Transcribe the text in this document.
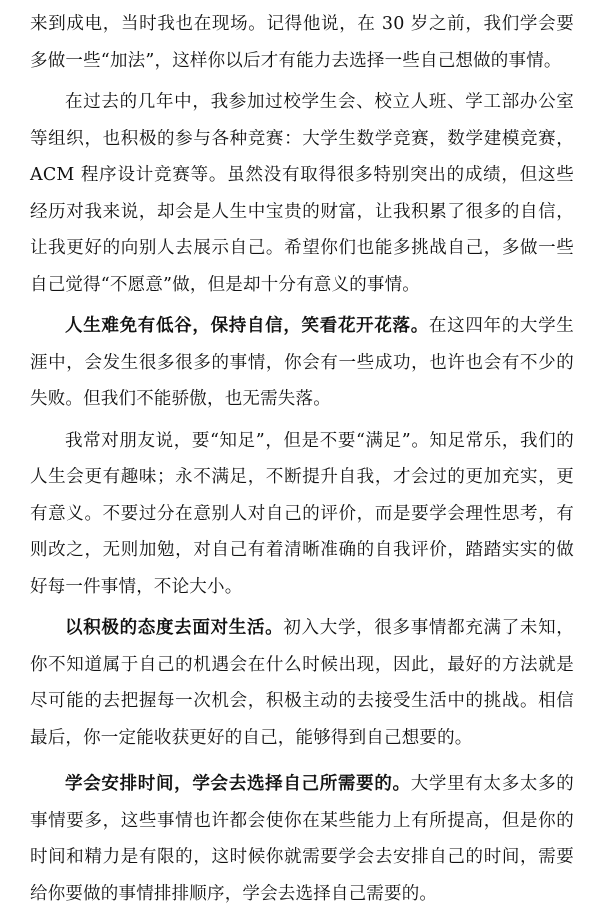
来到成电，当时我也在现场。记得他说，在 30 岁之前，我们学会要多做一些“加法”，这样你以后才有能力去选择一些自己想做的事情。

在过去的几年中，我参加过校学生会、校立人班、学工部办公室等组织，也积极的参与各种竞赛：大学生数学竞赛，数学建模竞赛，ACM 程序设计竞赛等。虽然没有取得很多特别突出的成绩，但这些经历对我来说，却会是人生中宝贵的财富，让我积累了很多的自信，让我更好的向别人去展示自己。希望你们也能多挑战自己，多做一些自己觉得“不愿意”做，但是却十分有意义的事情。

人生难免有低谷，保持自信，笑看花开花落。在这四年的大学生涯中，会发生很多很多的事情，你会有一些成功，也许也会有不少的失败。但我们不能骄傲，也无需失落。

我常对朋友说，要“知足”，但是不要“满足”。知足常乐，我们的人生会更有趣味；永不满足，不断提升自我，才会过的更加充实，更有意义。不要过分在意别人对自己的评价，而是要学会理性思考，有则改之，无则加勉，对自己有着清晰准确的自我评价，踏踏实实的做好每一件事情，不论大小。

以积极的态度去面对生活。初入大学，很多事情都充满了未知，你不知道属于自己的机遇会在什么时候出现，因此，最好的方法就是尽可能的去把握每一次机会，积极主动的去接受生活中的挑战。相信最后，你一定能收获更好的自己，能够得到自己想要的。

学会安排时间，学会去选择自己所需要的。大学里有太多太多的事情要多，这些事情也许都会使你在某些能力上有所提高，但是你的时间和精力是有限的，这时候你就需要学会去安排自己的时间，需要给你要做的事情排排顺序，学会去选择自己需要的。
